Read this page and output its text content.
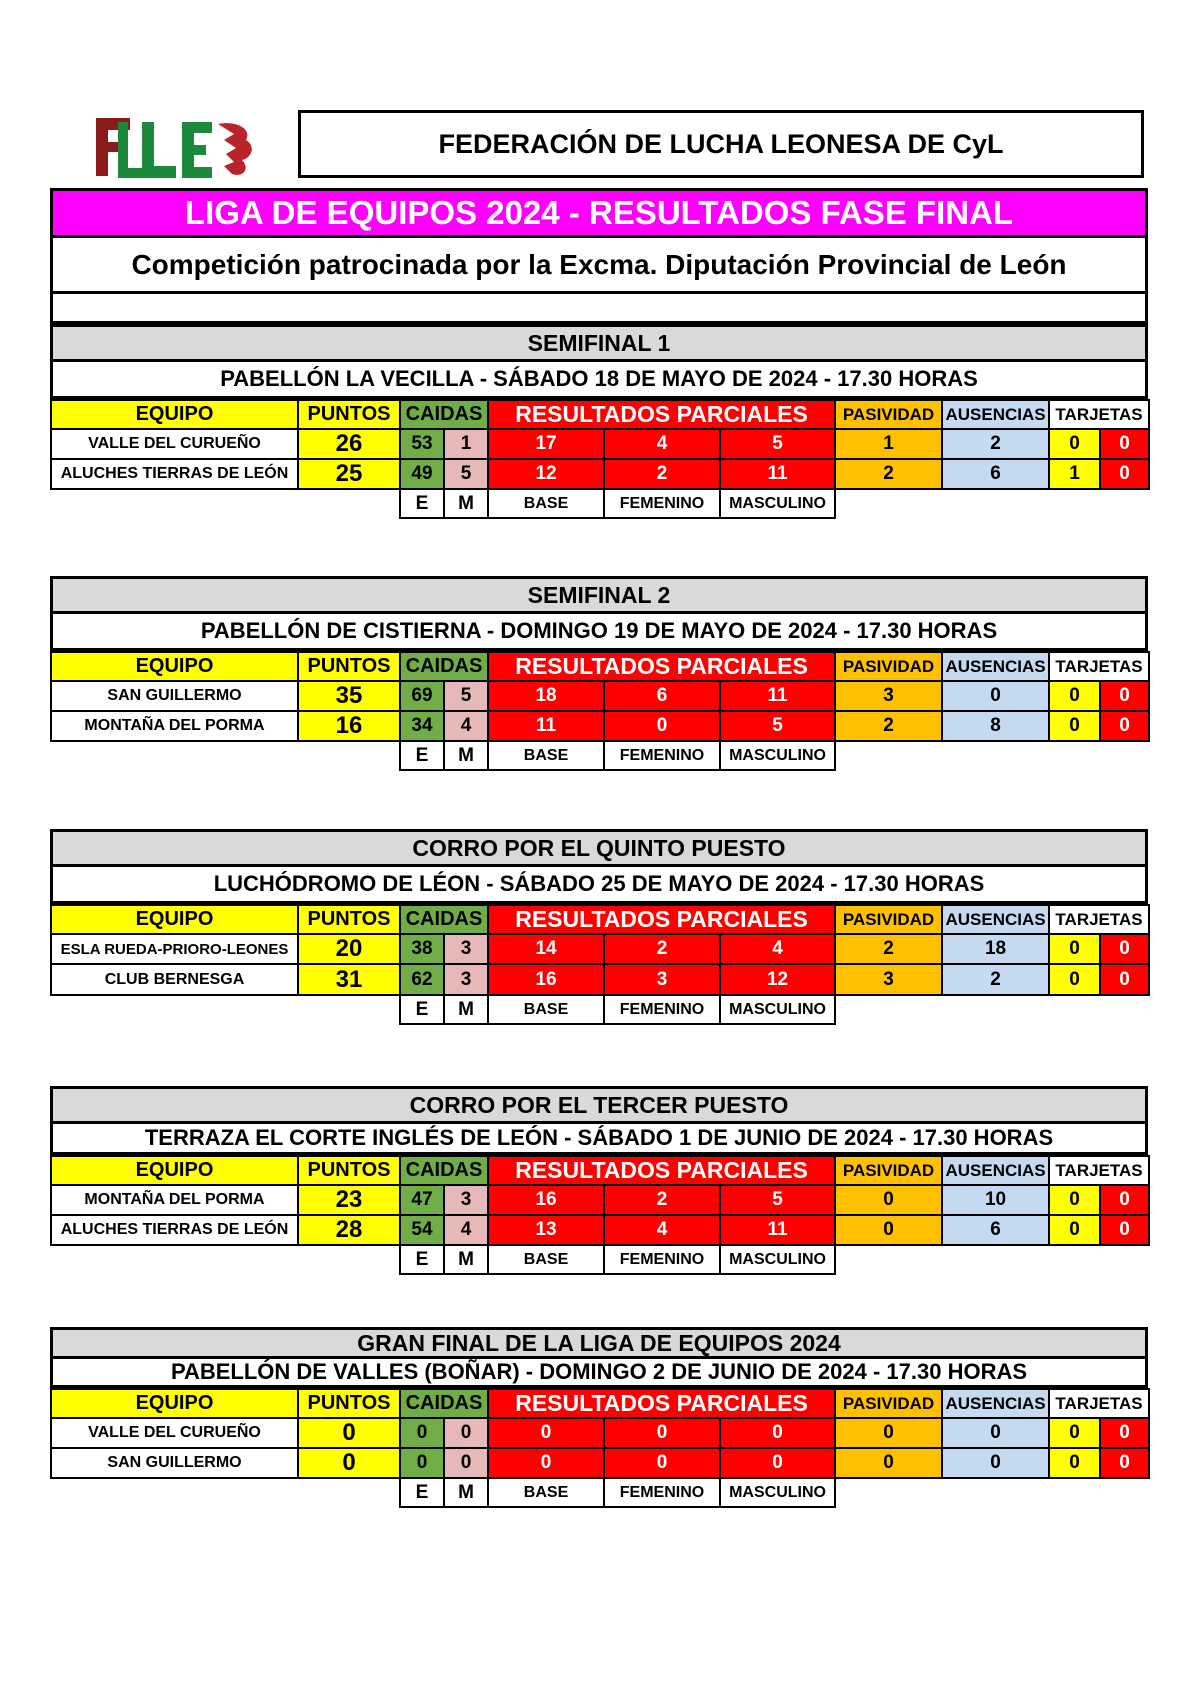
FEDERACIÓN DE LUCHA LEONESA DE CyL
LIGA DE EQUIPOS 2024 - RESULTADOS FASE FINAL
Competición patrocinada por la Excma. Diputación Provincial de León
SEMIFINAL 1
PABELLÓN LA VECILLA - SÁBADO 18 DE MAYO DE 2024 - 17.30 HORAS
EQUIPO	PUNTOS	CAIDAS		RESULTADOS PARCIALES			PASIVIDAD	AUSENCIAS	TARJETAS	
VALLE DEL CURUEÑO	26	53	1	17	4	5	1	2	0	0
ALUCHES TIERRAS DE LEÓN	25	49	5	12	2	11	2	6	1	0
		E	M	BASE	FEMENINO	MASCULINO				
SEMIFINAL 2
PABELLÓN DE CISTIERNA - DOMINGO 19 DE MAYO DE 2024 - 17.30 HORAS
EQUIPO	PUNTOS	CAIDAS		RESULTADOS PARCIALES			PASIVIDAD	AUSENCIAS	TARJETAS	
SAN GUILLERMO	35	69	5	18	6	11	3	0	0	0
MONTAÑA DEL PORMA	16	34	4	11	0	5	2	8	0	0
		E	M	BASE	FEMENINO	MASCULINO				
CORRO POR EL QUINTO PUESTO
LUCHÓDROMO DE LÉON - SÁBADO 25 DE MAYO DE 2024 - 17.30 HORAS
EQUIPO	PUNTOS	CAIDAS		RESULTADOS PARCIALES			PASIVIDAD	AUSENCIAS	TARJETAS	
ESLA RUEDA-PRIORO-LEONES	20	38	3	14	2	4	2	18	0	0
CLUB BERNESGA	31	62	3	16	3	12	3	2	0	0
		E	M	BASE	FEMENINO	MASCULINO				
CORRO POR EL TERCER PUESTO
TERRAZA EL CORTE INGLÉS DE LEÓN - SÁBADO 1 DE JUNIO DE 2024 - 17.30 HORAS
EQUIPO	PUNTOS	CAIDAS		RESULTADOS PARCIALES			PASIVIDAD	AUSENCIAS	TARJETAS	
MONTAÑA DEL PORMA	23	47	3	16	2	5	0	10	0	0
ALUCHES TIERRAS DE LEÓN	28	54	4	13	4	11	0	6	0	0
		E	M	BASE	FEMENINO	MASCULINO				
GRAN FINAL DE LA LIGA DE EQUIPOS 2024
PABELLÓN DE VALLES (BOÑAR) - DOMINGO 2 DE JUNIO DE 2024 - 17.30 HORAS
EQUIPO	PUNTOS	CAIDAS		RESULTADOS PARCIALES			PASIVIDAD	AUSENCIAS	TARJETAS	
VALLE DEL CURUEÑO	0	0	0	0	0	0	0	0	0	0
SAN GUILLERMO	0	0	0	0	0	0	0	0	0	0
		E	M	BASE	FEMENINO	MASCULINO				
